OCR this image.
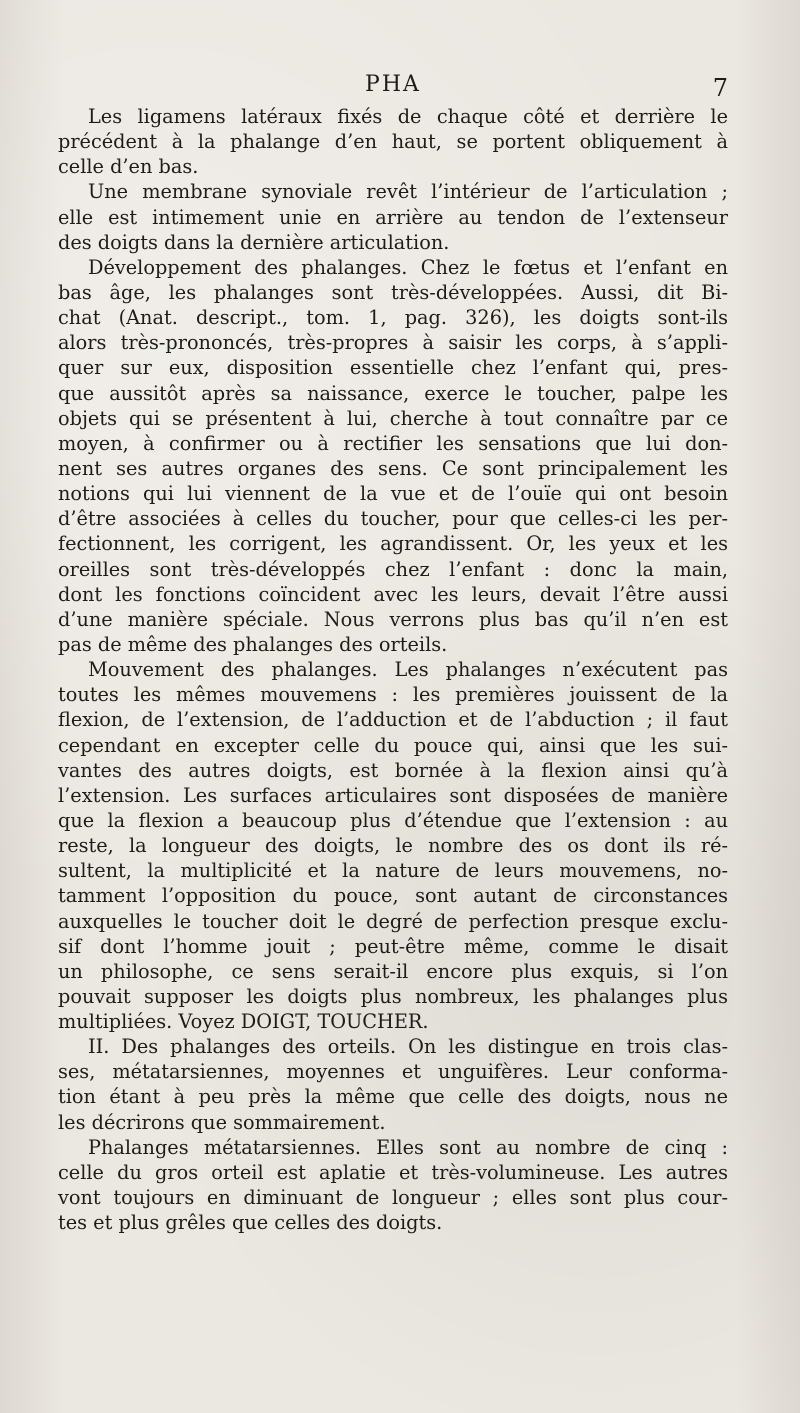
PHA	7
Les ligamens latéraux fixés de chaque côté et derrière le
précédent à la phalange d’en haut, se portent obliquement à
celle d’en bas.
Une membrane synoviale revêt l’intérieur de l’articulation ;
elle est intimement unie en arrière au tendon de l’extenseur
des doigts dans la dernière articulation.
Développement des phalanges. Chez le fœtus et l’enfant en
bas âge, les phalanges sont très-développées. Aussi, dit Bi-
chat (Anat. descript., tom. 1, pag. 326), les doigts sont-ils
alors très-prononcés, très-propres à saisir les corps, à s’appli-
quer sur eux, disposition essentielle chez l’enfant qui, pres-
que aussitôt après sa naissance, exerce le toucher, palpe les
objets qui se présentent à lui, cherche à tout connaître par ce
moyen, à confirmer ou à rectifier les sensations que lui don-
nent ses autres organes des sens. Ce sont principalement les
notions qui lui viennent de la vue et de l’ouïe qui ont besoin
d’être associées à celles du toucher, pour que celles-ci les per-
fectionnent, les corrigent, les agrandissent. Or, les yeux et les
oreilles sont très-développés chez l’enfant : donc la main,
dont les fonctions coïncident avec les leurs, devait l’être aussi
d’une manière spéciale. Nous verrons plus bas qu’il n’en est
pas de même des phalanges des orteils.
Mouvement des phalanges. Les phalanges n’exécutent pas
toutes les mêmes mouvemens : les premières jouissent de la
flexion, de l’extension, de l’adduction et de l’abduction ; il faut
cependant en excepter celle du pouce qui, ainsi que les sui-
vantes des autres doigts, est bornée à la flexion ainsi qu’à
l’extension. Les surfaces articulaires sont disposées de manière
que la flexion a beaucoup plus d’étendue que l’extension : au
reste, la longueur des doigts, le nombre des os dont ils ré-
sultent, la multiplicité et la nature de leurs mouvemens, no-
tamment l’opposition du pouce, sont autant de circonstances
auxquelles le toucher doit le degré de perfection presque exclu-
sif dont l’homme jouit ; peut-être même, comme le disait
un philosophe, ce sens serait-il encore plus exquis, si l’on
pouvait supposer les doigts plus nombreux, les phalanges plus
multipliées. Voyez DOIGT, TOUCHER.
II. Des phalanges des orteils. On les distingue en trois clas-
ses, métatarsiennes, moyennes et unguifères. Leur conforma-
tion étant à peu près la même que celle des doigts, nous ne
les décrirons que sommairement.
Phalanges métatarsiennes. Elles sont au nombre de cinq :
celle du gros orteil est aplatie et très-volumineuse. Les autres
vont toujours en diminuant de longueur ; elles sont plus cour-
tes et plus grêles que celles des doigts.
